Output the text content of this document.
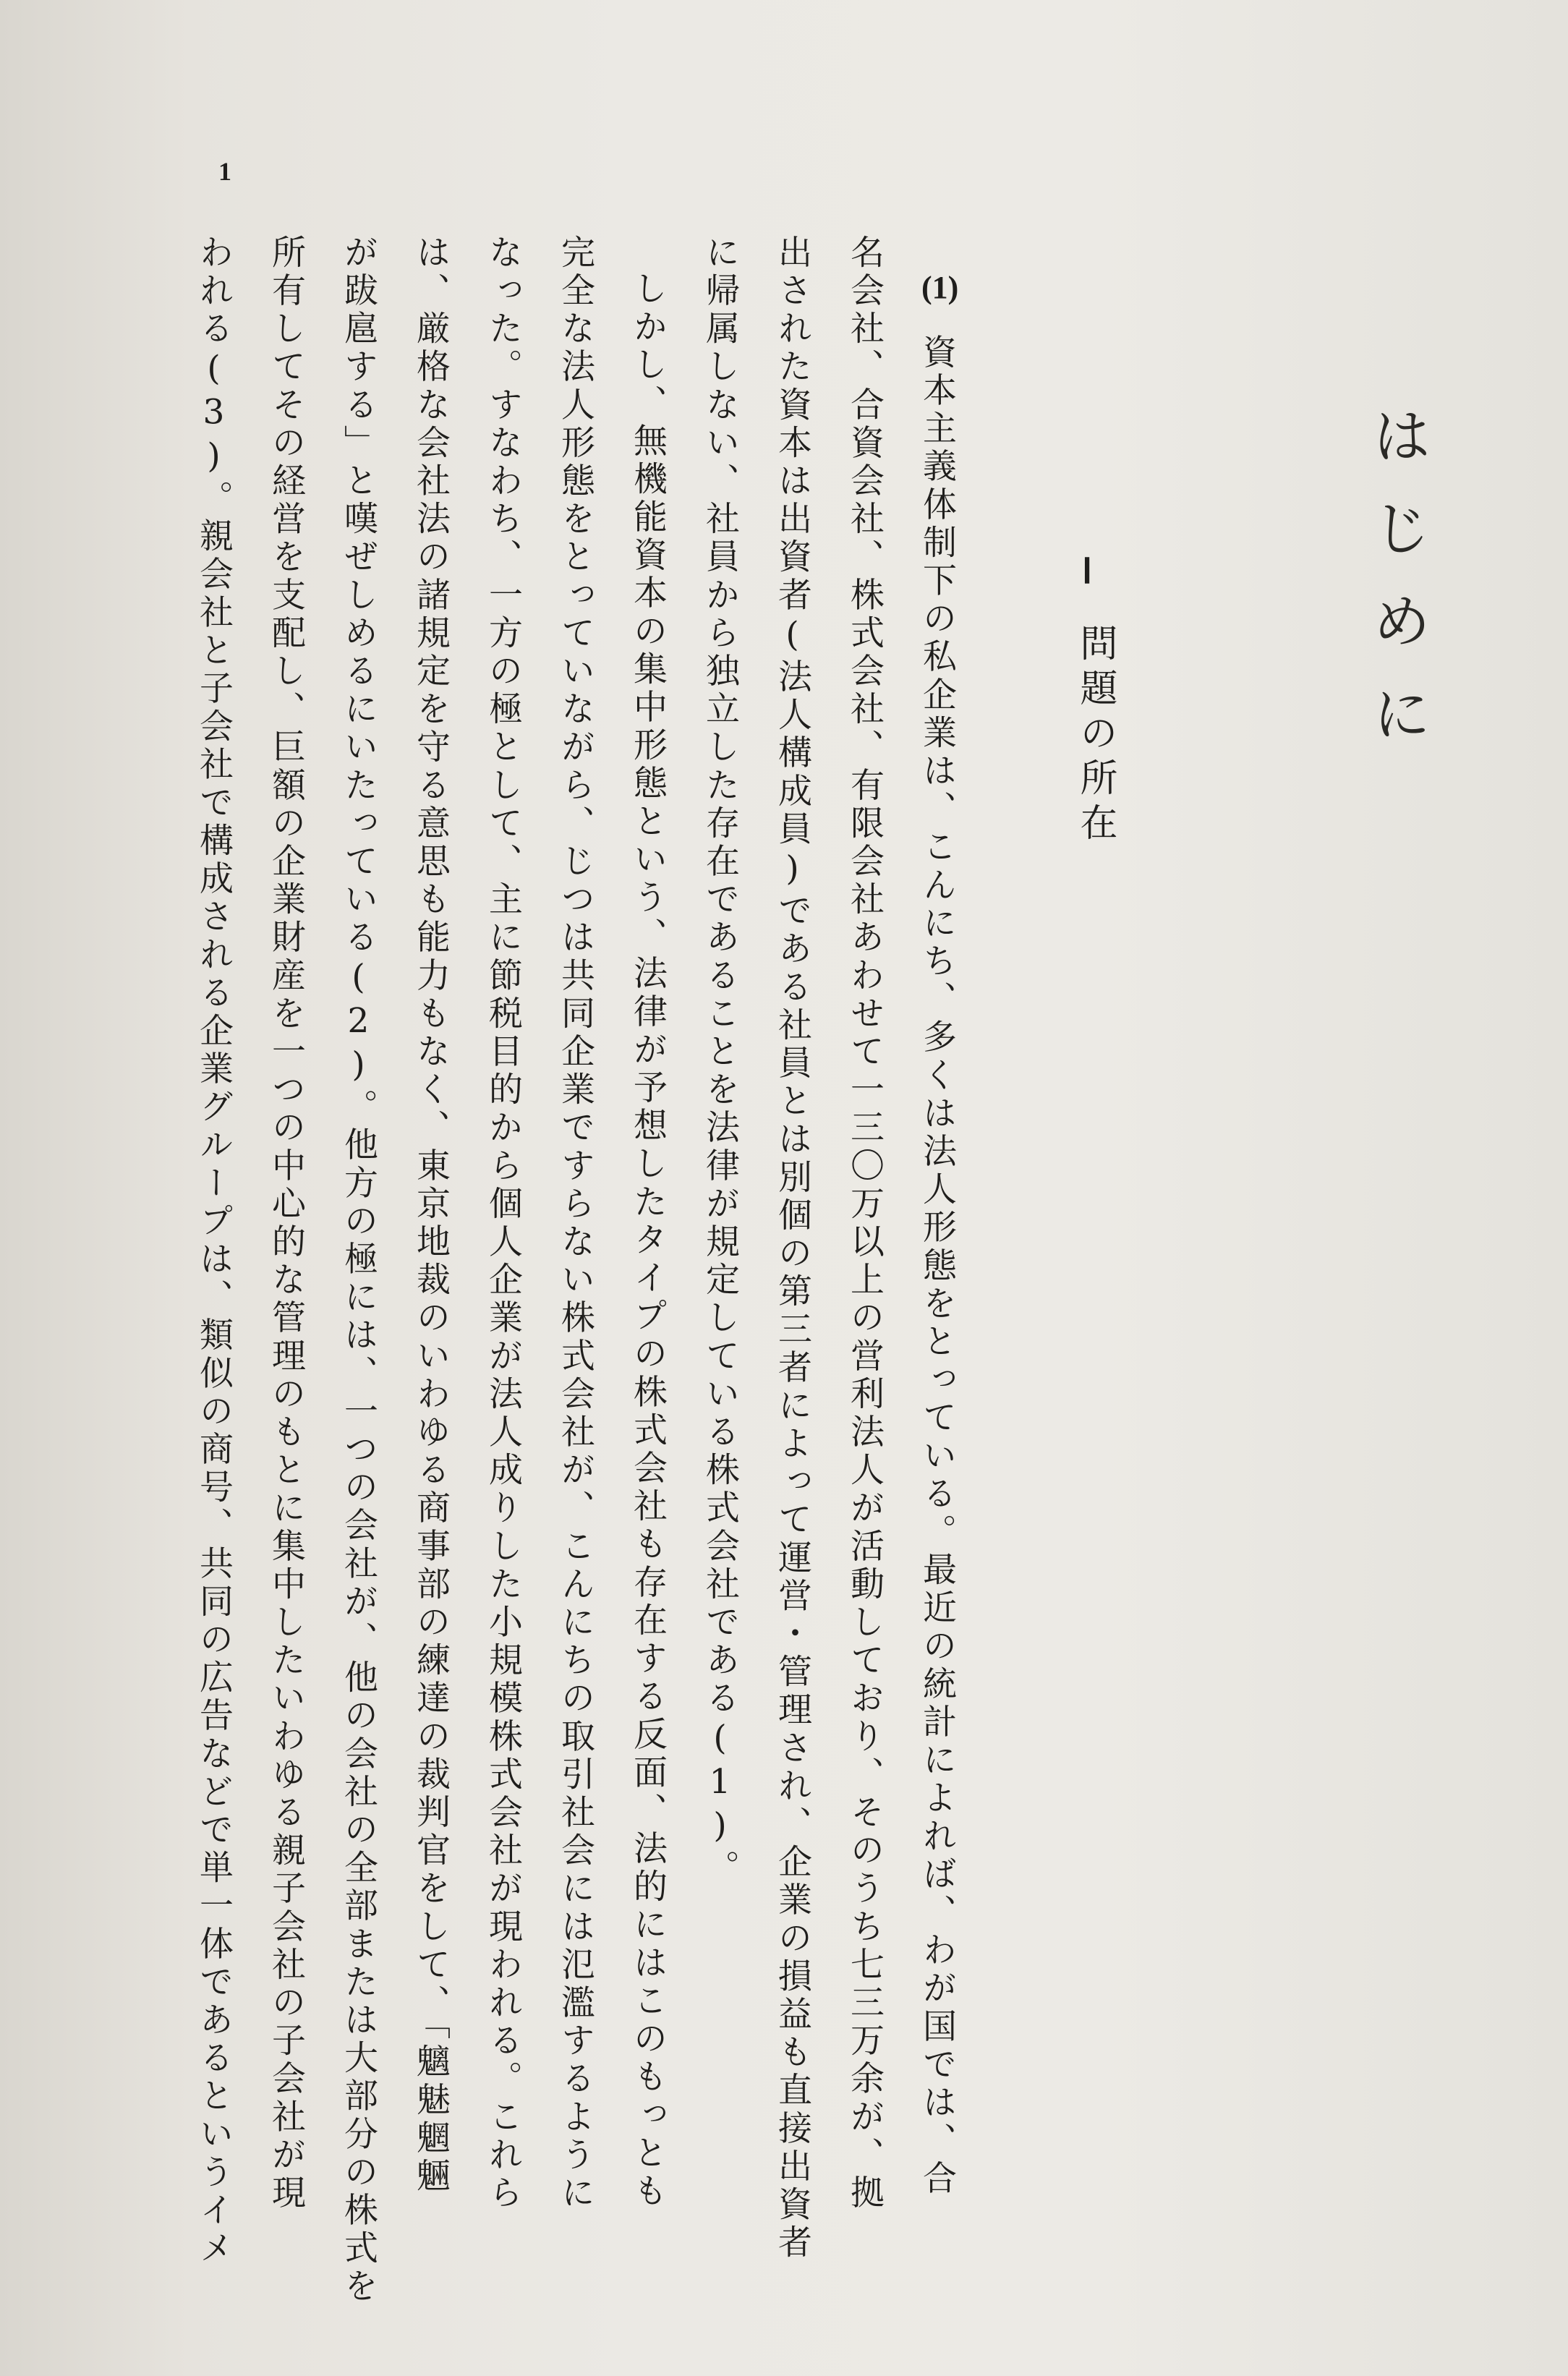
1
はじめに
Ⅰ
問題の所在
(1)
資本主義体制下の私企業は、こんにち、多くは法人形態をとっている。最近の統計によれば、わが国では、合
名会社、合資会社、株式会社、有限会社あわせて一三〇万以上の営利法人が活動しており、そのうち七三万余が、拠
出された資本は出資者(法人構成員)である社員とは別個の第三者によって運営・管理され、企業の損益も直接出資者
に帰属しない、社員から独立した存在であることを法律が規定している株式会社である(1)。
しかし、無機能資本の集中形態という、法律が予想したタイプの株式会社も存在する反面、法的にはこのもっとも
完全な法人形態をとっていながら、じつは共同企業ですらない株式会社が、こんにちの取引社会には氾濫するように
なった。すなわち、一方の極として、主に節税目的から個人企業が法人成りした小規模株式会社が現われる。これら
は、厳格な会社法の諸規定を守る意思も能力もなく、東京地裁のいわゆる商事部の練達の裁判官をして、「魑魅魍魎
が跋扈する」と嘆ぜしめるにいたっている(2)。他方の極には、一つの会社が、他の会社の全部または大部分の株式を
所有してその経営を支配し、巨額の企業財産を一つの中心的な管理のもとに集中したいわゆる親子会社の子会社が現
われる(3)。親会社と子会社で構成される企業グループは、類似の商号、共同の広告などで単一体であるというイメ
